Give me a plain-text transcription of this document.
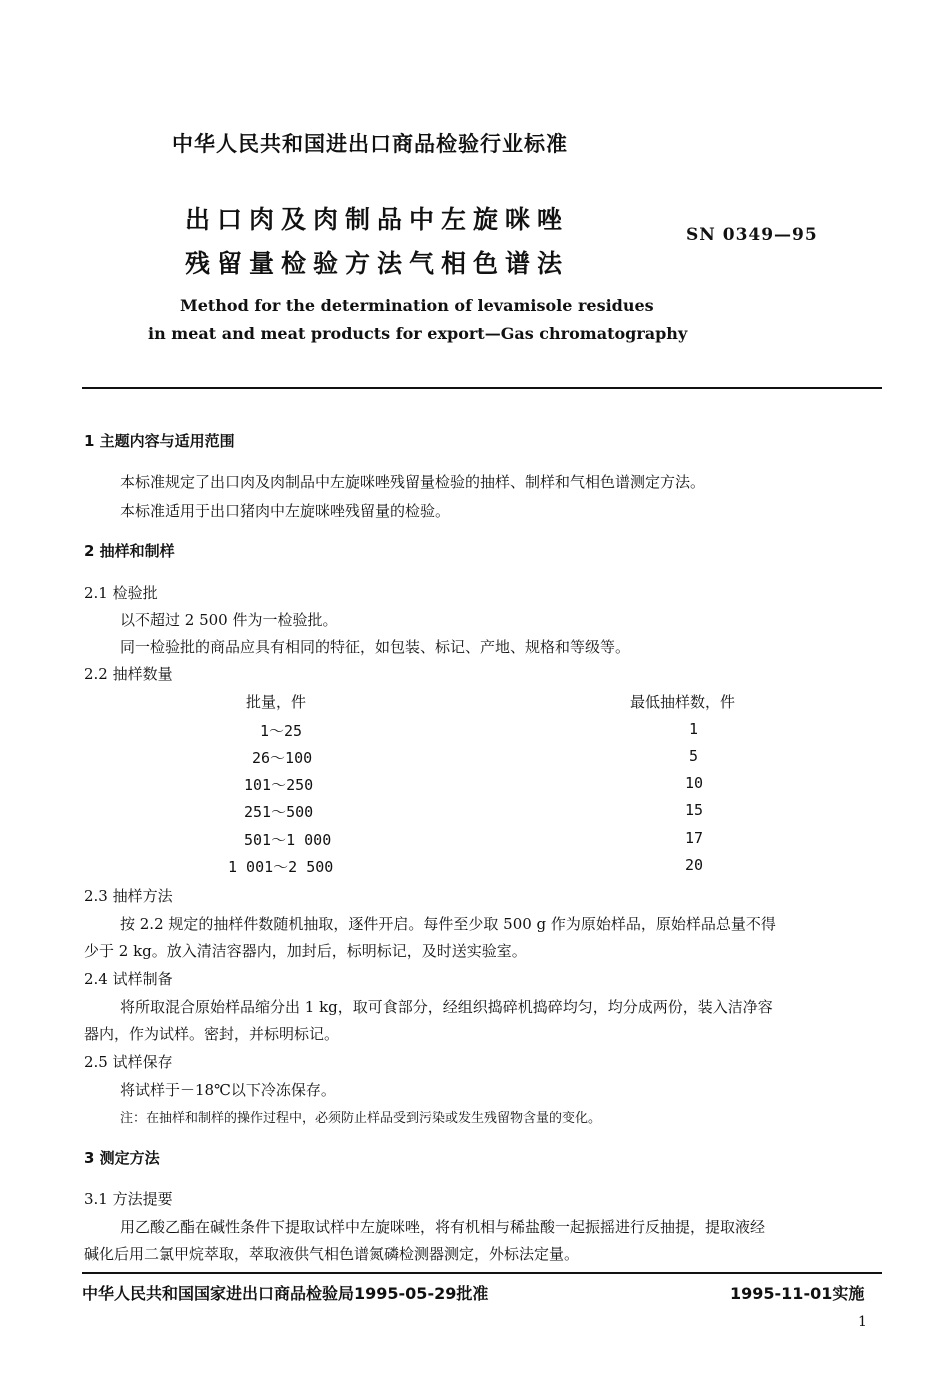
中华人民共和国进出口商品检验行业标准
出口肉及肉制品中左旋咪唑
残留量检验方法气相色谱法
SN 0349—95
Method for the determination of levamisole residues
in meat and meat products for export—Gas chromatography
1 主题内容与适用范围
本标准规定了出口肉及肉制品中左旋咪唑残留量检验的抽样、制样和气相色谱测定方法。
本标准适用于出口猪肉中左旋咪唑残留量的检验。
2 抽样和制样
2.1 检验批
以不超过 2 500 件为一检验批。
同一检验批的商品应具有相同的特征，如包装、标记、产地、规格和等级等。
2.2 抽样数量
批量，件	最低抽样数，件
1～25	1
26～100	5
101～250	10
251～500	15
501～1 000	17
1 001～2 500	20
2.3 抽样方法
按 2.2 规定的抽样件数随机抽取，逐件开启。每件至少取 500 g 作为原始样品，原始样品总量不得
少于 2 kg。放入清洁容器内，加封后，标明标记，及时送实验室。
2.4 试样制备
将所取混合原始样品缩分出 1 kg，取可食部分，经组织捣碎机捣碎均匀，均分成两份，装入洁净容
器内，作为试样。密封，并标明标记。
2.5 试样保存
将试样于－18℃以下冷冻保存。
注：在抽样和制样的操作过程中，必须防止样品受到污染或发生残留物含量的变化。
3 测定方法
3.1 方法提要
用乙酸乙酯在碱性条件下提取试样中左旋咪唑，将有机相与稀盐酸一起振摇进行反抽提，提取液经
碱化后用二氯甲烷萃取，萃取液供气相色谱氮磷检测器测定，外标法定量。
中华人民共和国国家进出口商品检验局1995-05-29批准	1995-11-01实施
1
